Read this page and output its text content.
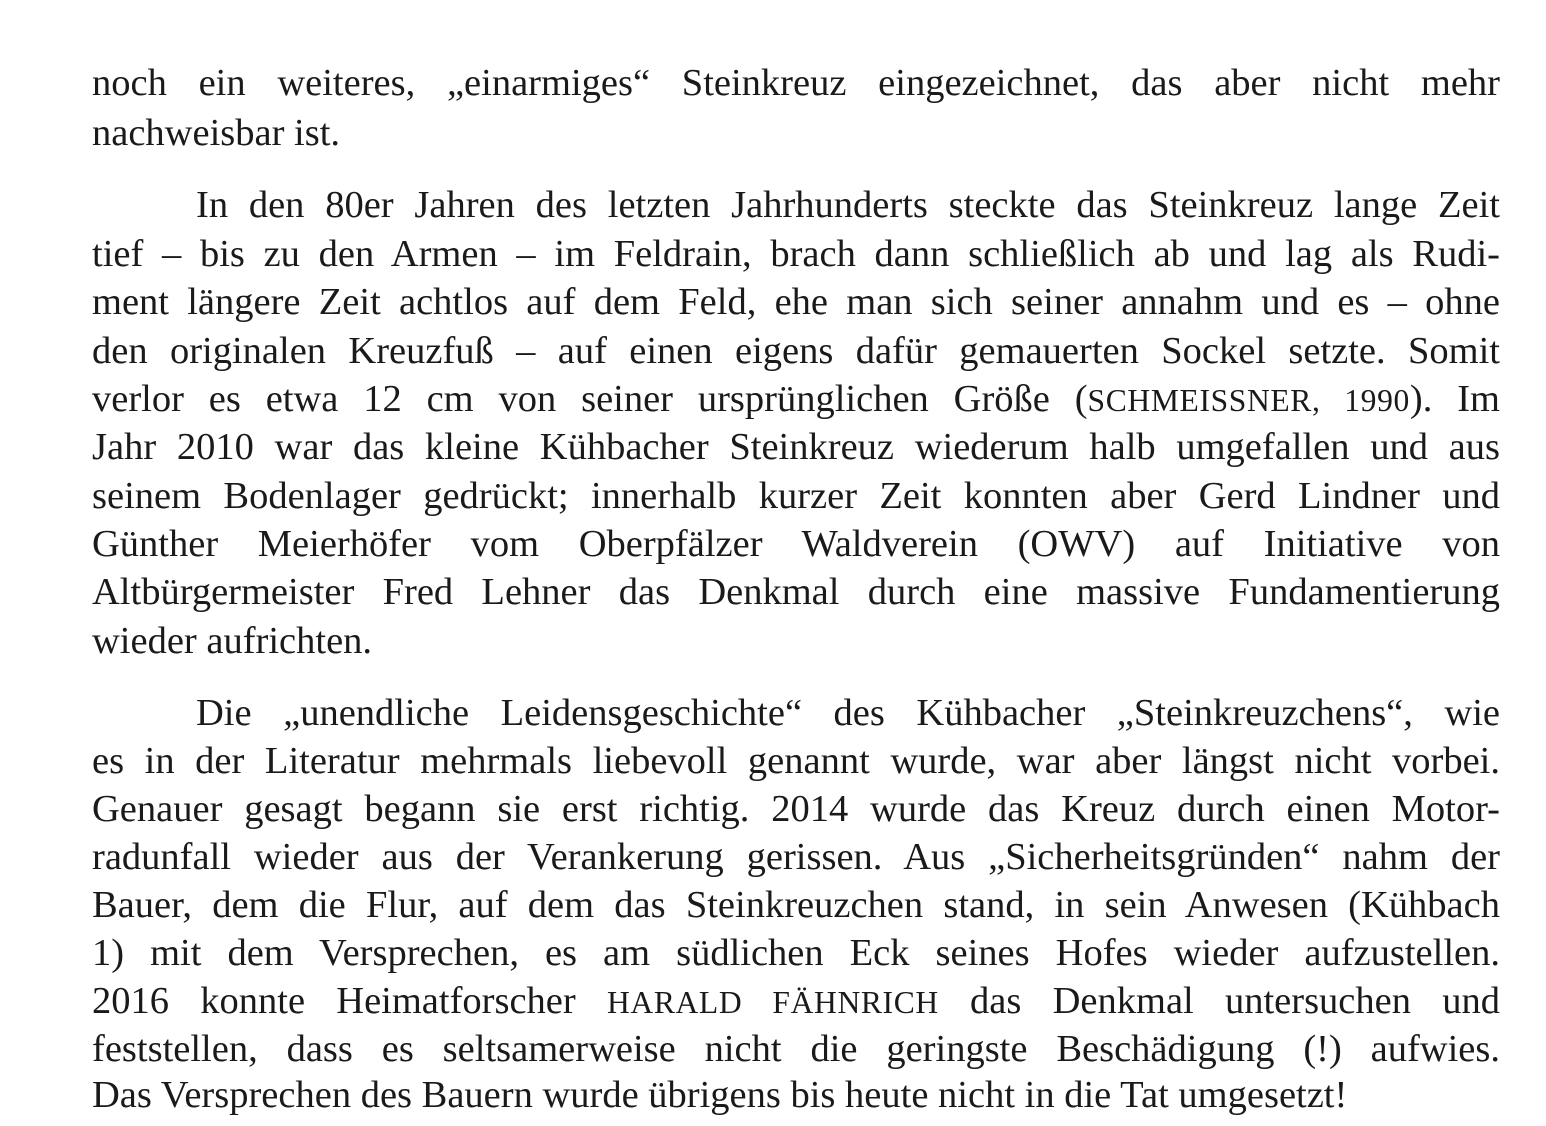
noch ein weiteres, „einarmiges“ Steinkreuz eingezeichnet, das aber nicht mehr
nachweisbar ist.
In den 80er Jahren des letzten Jahrhunderts steckte das Steinkreuz lange Zeit
tief – bis zu den Armen – im Feldrain, brach dann schließlich ab und lag als Rudi-
ment längere Zeit achtlos auf dem Feld, ehe man sich seiner annahm und es – ohne
den originalen Kreuzfuß – auf einen eigens dafür gemauerten Sockel setzte. Somit
verlor es etwa 12 cm von seiner ursprünglichen Größe (SCHMEISSNER, 1990). Im
Jahr 2010 war das kleine Kühbacher Steinkreuz wiederum halb umgefallen und aus
seinem Bodenlager gedrückt; innerhalb kurzer Zeit konnten aber Gerd Lindner und
Günther Meierhöfer vom Oberpfälzer Waldverein (OWV) auf Initiative von
Altbürgermeister Fred Lehner das Denkmal durch eine massive Fundamentierung
wieder aufrichten.
Die „unendliche Leidensgeschichte“ des Kühbacher „Steinkreuzchens“, wie
es in der Literatur mehrmals liebevoll genannt wurde, war aber längst nicht vorbei.
Genauer gesagt begann sie erst richtig. 2014 wurde das Kreuz durch einen Motor-
radunfall wieder aus der Verankerung gerissen. Aus „Sicherheitsgründen“ nahm der
Bauer, dem die Flur, auf dem das Steinkreuzchen stand, in sein Anwesen (Kühbach
1) mit dem Versprechen, es am südlichen Eck seines Hofes wieder aufzustellen.
2016 konnte Heimatforscher HARALD FÄHNRICH das Denkmal untersuchen und
feststellen, dass es seltsamerweise nicht die geringste Beschädigung (!) aufwies.
Das Versprechen des Bauern wurde übrigens bis heute nicht in die Tat umgesetzt!
